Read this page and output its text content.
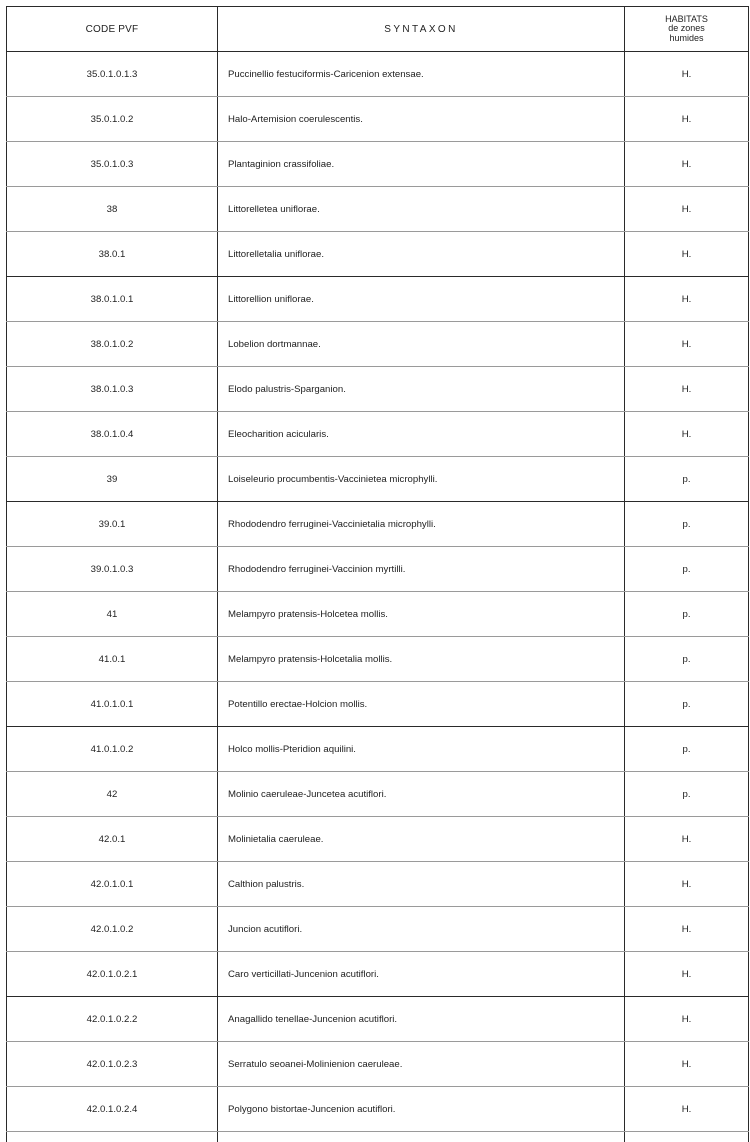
CODE PVF	SYNTAXON	HABITATS
de zones
humides

35.0.1.0.1.3	Puccinellio festuciformis-Caricenion extensae.	H.
35.0.1.0.2	Halo-Artemision coerulescentis.	H.
35.0.1.0.3	Plantaginion crassifoliae.	H.
38	Littorelletea uniflorae.	H.
38.0.1	Littorelletalia uniflorae.	H.
38.0.1.0.1	Littorellion uniflorae.	H.
38.0.1.0.2	Lobelion dortmannae.	H.
38.0.1.0.3	Elodo palustris-Sparganion.	H.
38.0.1.0.4	Eleocharition acicularis.	H.
39	Loiseleurio procumbentis-Vaccinietea microphylli.	p.
39.0.1	Rhododendro ferruginei-Vaccinietalia microphylli.	p.
39.0.1.0.3	Rhododendro ferruginei-Vaccinion myrtilli.	p.
41	Melampyro pratensis-Holcetea mollis.	p.
41.0.1	Melampyro pratensis-Holcetalia mollis.	p.
41.0.1.0.1	Potentillo erectae-Holcion mollis.	p.
41.0.1.0.2	Holco mollis-Pteridion aquilini.	p.
42	Molinio caeruleae-Juncetea acutiflori.	p.
42.0.1	Molinietalia caeruleae.	H.
42.0.1.0.1	Calthion palustris.	H.
42.0.1.0.2	Juncion acutiflori.	H.
42.0.1.0.2.1	Caro verticillati-Juncenion acutiflori.	H.
42.0.1.0.2.2	Anagallido tenellae-Juncenion acutiflori.	H.
42.0.1.0.2.3	Serratulo seoanei-Molinienion caeruleae.	H.
42.0.1.0.2.4	Polygono bistortae-Juncenion acutiflori.	H.
